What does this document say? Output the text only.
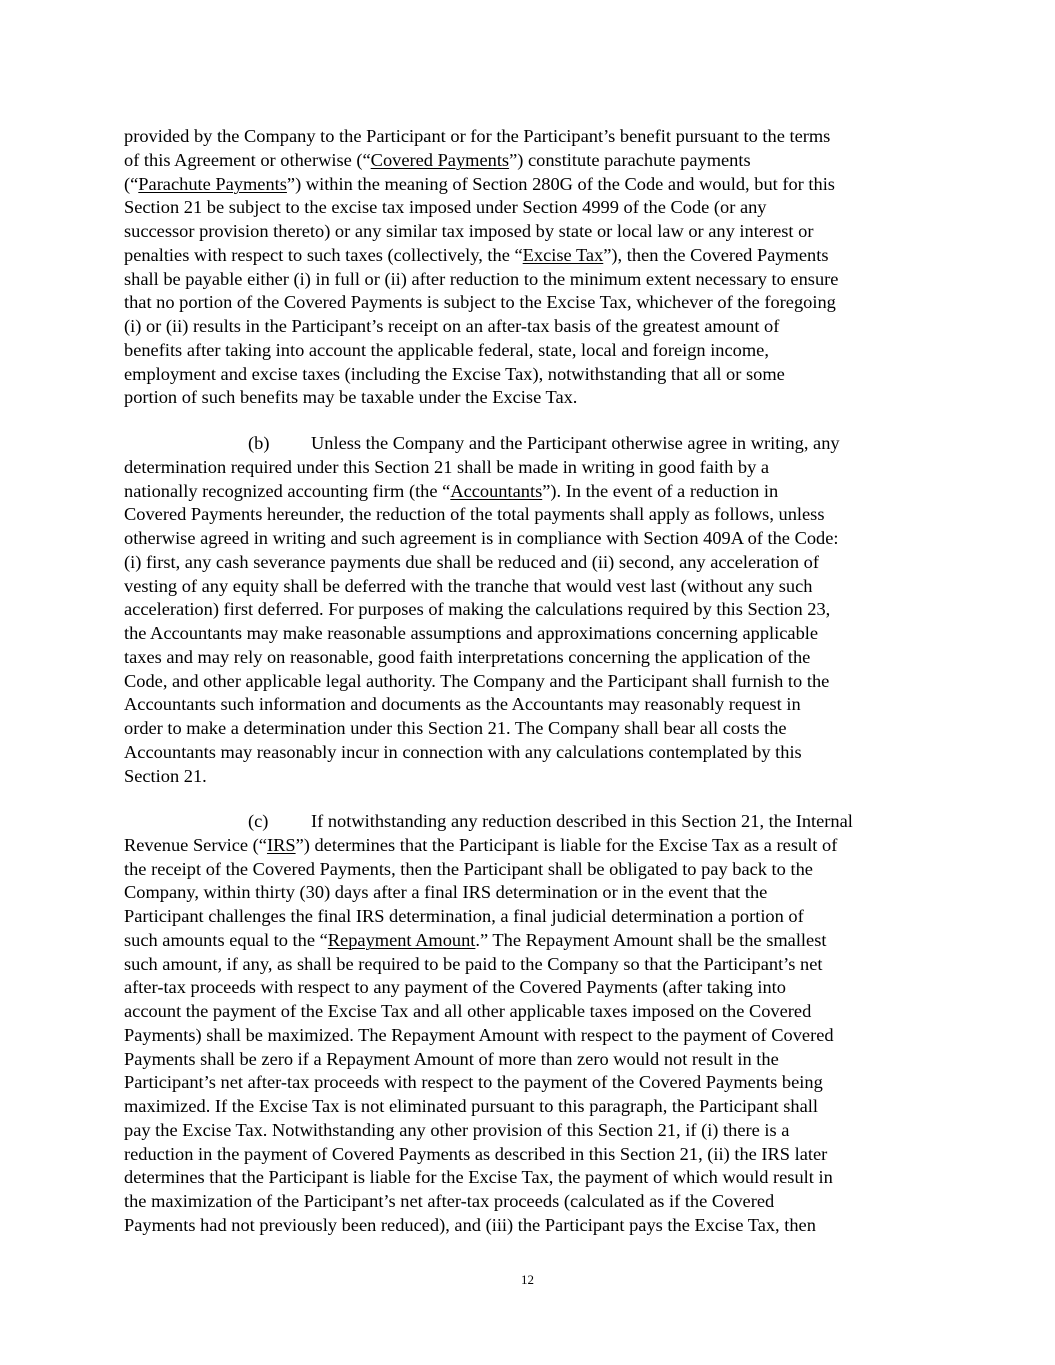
provided by the Company to the Participant or for the Participant’s benefit pursuant to the terms
of this Agreement or otherwise (“Covered Payments”) constitute parachute payments
(“Parachute Payments”) within the meaning of Section 280G of the Code and would, but for this
Section 21 be subject to the excise tax imposed under Section 4999 of the Code (or any
successor provision thereto) or any similar tax imposed by state or local law or any interest or
penalties with respect to such taxes (collectively, the “Excise Tax”), then the Covered Payments
shall be payable either (i) in full or (ii) after reduction to the minimum extent necessary to ensure
that no portion of the Covered Payments is subject to the Excise Tax, whichever of the foregoing
(i) or (ii) results in the Participant’s receipt on an after-tax basis of the greatest amount of
benefits after taking into account the applicable federal, state, local and foreign income,
employment and excise taxes (including the Excise Tax), notwithstanding that all or some
portion of such benefits may be taxable under the Excise Tax.
(b) Unless the Company and the Participant otherwise agree in writing, any
determination required under this Section 21 shall be made in writing in good faith by a
nationally recognized accounting firm (the “Accountants”). In the event of a reduction in
Covered Payments hereunder, the reduction of the total payments shall apply as follows, unless
otherwise agreed in writing and such agreement is in compliance with Section 409A of the Code:
(i) first, any cash severance payments due shall be reduced and (ii) second, any acceleration of
vesting of any equity shall be deferred with the tranche that would vest last (without any such
acceleration) first deferred. For purposes of making the calculations required by this Section 23,
the Accountants may make reasonable assumptions and approximations concerning applicable
taxes and may rely on reasonable, good faith interpretations concerning the application of the
Code, and other applicable legal authority. The Company and the Participant shall furnish to the
Accountants such information and documents as the Accountants may reasonably request in
order to make a determination under this Section 21. The Company shall bear all costs the
Accountants may reasonably incur in connection with any calculations contemplated by this
Section 21.
(c) If notwithstanding any reduction described in this Section 21, the Internal
Revenue Service (“IRS”) determines that the Participant is liable for the Excise Tax as a result of
the receipt of the Covered Payments, then the Participant shall be obligated to pay back to the
Company, within thirty (30) days after a final IRS determination or in the event that the
Participant challenges the final IRS determination, a final judicial determination a portion of
such amounts equal to the “Repayment Amount.” The Repayment Amount shall be the smallest
such amount, if any, as shall be required to be paid to the Company so that the Participant’s net
after-tax proceeds with respect to any payment of the Covered Payments (after taking into
account the payment of the Excise Tax and all other applicable taxes imposed on the Covered
Payments) shall be maximized. The Repayment Amount with respect to the payment of Covered
Payments shall be zero if a Repayment Amount of more than zero would not result in the
Participant’s net after-tax proceeds with respect to the payment of the Covered Payments being
maximized. If the Excise Tax is not eliminated pursuant to this paragraph, the Participant shall
pay the Excise Tax. Notwithstanding any other provision of this Section 21, if (i) there is a
reduction in the payment of Covered Payments as described in this Section 21, (ii) the IRS later
determines that the Participant is liable for the Excise Tax, the payment of which would result in
the maximization of the Participant’s net after-tax proceeds (calculated as if the Covered
Payments had not previously been reduced), and (iii) the Participant pays the Excise Tax, then
12
